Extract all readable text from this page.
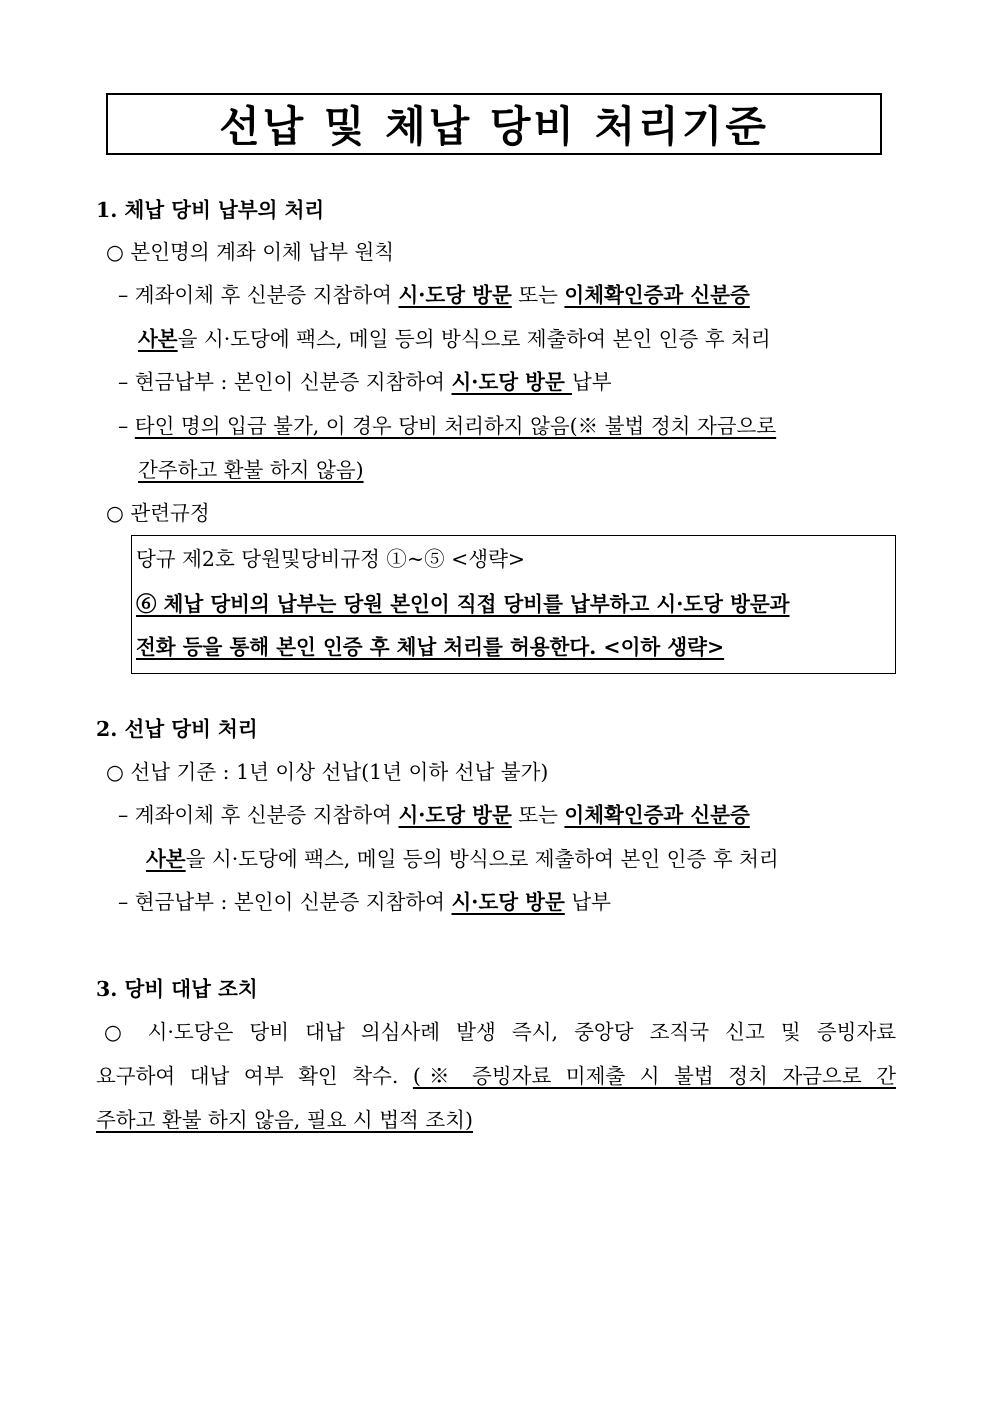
선납 및 체납 당비 처리기준
1. 체납 당비 납부의 처리
○ 본인명의 계좌 이체 납부 원칙
– 계좌이체 후 신분증 지참하여 시·도당 방문 또는 이체확인증과 신분증
사본을 시·도당에 팩스, 메일 등의 방식으로 제출하여 본인 인증 후 처리
– 현금납부 : 본인이 신분증 지참하여 시·도당 방문 납부
– 타인 명의 입금 불가, 이 경우 당비 처리하지 않음(※ 불법 정치 자금으로
간주하고 환불 하지 않음)
○ 관련규정
당규 제2호 당원및당비규정 ①~⑤ <생략>
⑥ 체납 당비의 납부는 당원 본인이 직접 당비를 납부하고 시·도당 방문과
전화 등을 통해 본인 인증 후 체납 처리를 허용한다. <이하 생략>
2. 선납 당비 처리
○ 선납 기준 : 1년 이상 선납(1년 이하 선납 불가)
– 계좌이체 후 신분증 지참하여 시·도당 방문 또는 이체확인증과 신분증
사본을 시·도당에 팩스, 메일 등의 방식으로 제출하여 본인 인증 후 처리
– 현금납부 : 본인이 신분증 지참하여 시·도당 방문 납부
3. 당비 대납 조치
○ 시·도당은 당비 대납 의심사례 발생 즉시, 중앙당 조직국 신고 및 증빙자료
요구하여 대납 여부 확인 착수. (※ 증빙자료 미제출 시 불법 정치 자금으로 간
주하고 환불 하지 않음, 필요 시 법적 조치)
